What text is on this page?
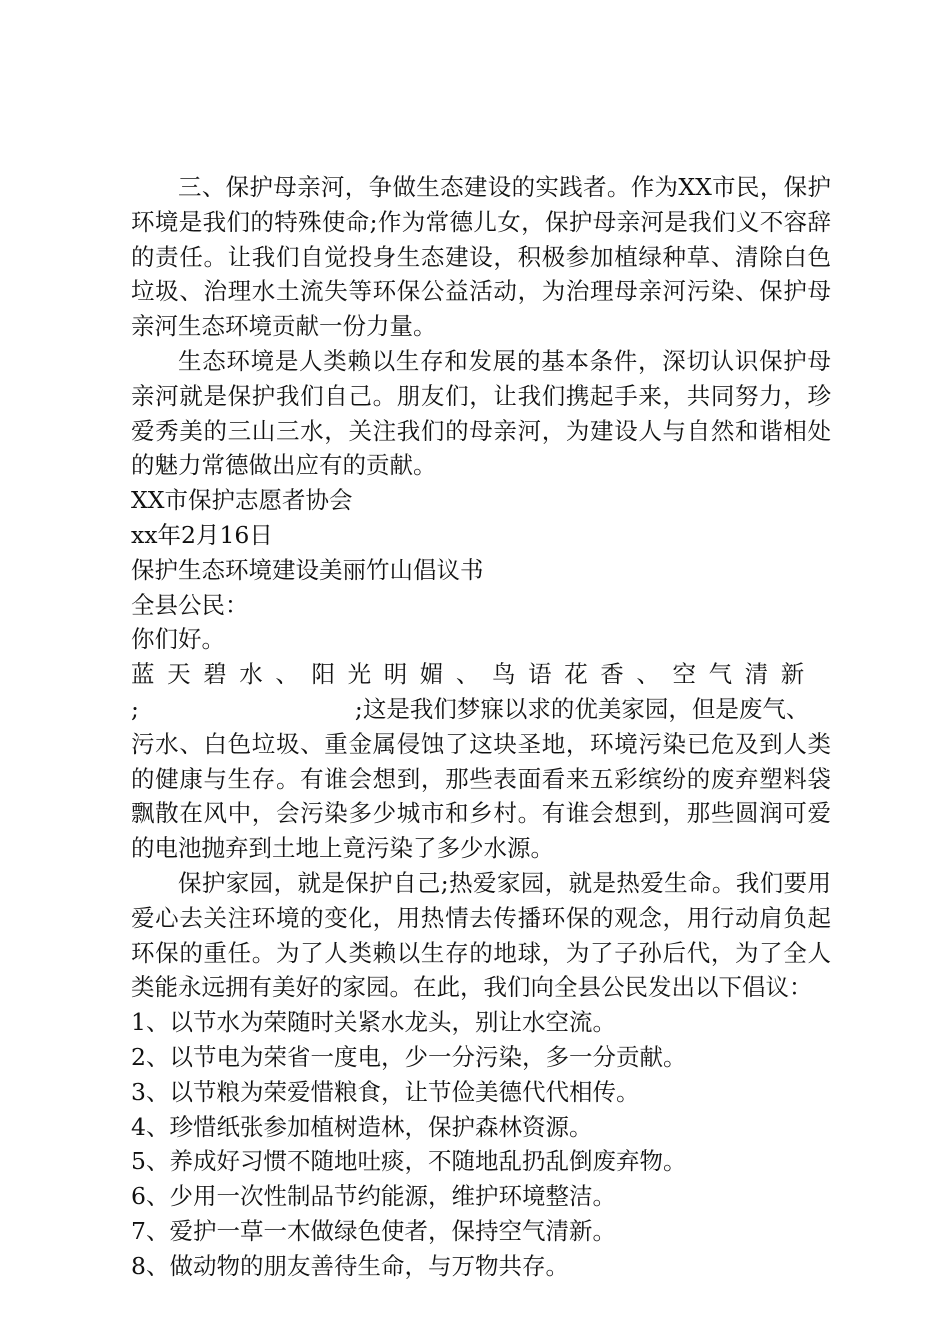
三、保护母亲河，争做生态建设的实践者。作为XX市民，保护环境是我们的特殊使命;作为常德儿女，保护母亲河是我们义不容辞的责任。让我们自觉投身生态建设，积极参加植绿种草、清除白色垃圾、治理水土流失等环保公益活动，为治理母亲河污染、保护母亲河生态环境贡献一份力量。

生态环境是人类赖以生存和发展的基本条件，深切认识保护母亲河就是保护我们自己。朋友们，让我们携起手来，共同努力，珍爱秀美的三山三水，关注我们的母亲河，为建设人与自然和谐相处的魅力常德做出应有的贡献。

XX市保护志愿者协会

xx年2月16日

保护生态环境建设美丽竹山倡议书

全县公民：

你们好。

蓝天碧水、阳光明媚、鸟语花香、空气清新

;	;这是我们梦寐以求的优美家园，但是废气、

污水、白色垃圾、重金属侵蚀了这块圣地，环境污染已危及到人类的健康与生存。有谁会想到，那些表面看来五彩缤纷的废弃塑料袋飘散在风中，会污染多少城市和乡村。有谁会想到，那些圆润可爱的电池抛弃到土地上竟污染了多少水源。

保护家园，就是保护自己;热爱家园，就是热爱生命。我们要用爱心去关注环境的变化，用热情去传播环保的观念，用行动肩负起环保的重任。为了人类赖以生存的地球，为了子孙后代，为了全人类能永远拥有美好的家园。在此，我们向全县公民发出以下倡议：

1、以节水为荣随时关紧水龙头，别让水空流。

2、以节电为荣省一度电，少一分污染，多一分贡献。

3、以节粮为荣爱惜粮食，让节俭美德代代相传。

4、珍惜纸张参加植树造林，保护森林资源。

5、养成好习惯不随地吐痰，不随地乱扔乱倒废弃物。

6、少用一次性制品节约能源，维护环境整洁。

7、爱护一草一木做绿色使者，保持空气清新。

8、做动物的朋友善待生命，与万物共存。
